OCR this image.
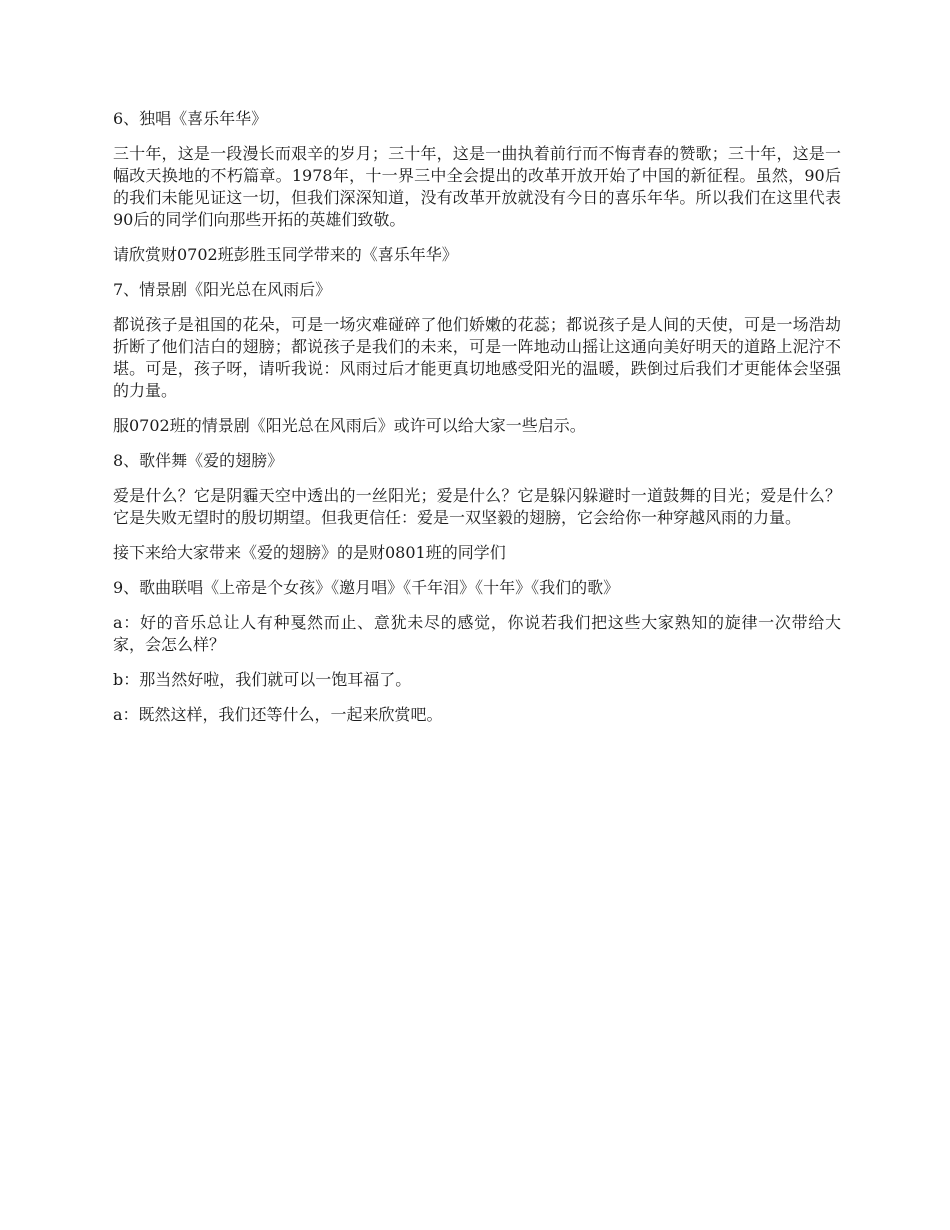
6、独唱《喜乐年华》

三十年，这是一段漫长而艰辛的岁月；三十年，这是一曲执着前行而不悔青春的赞歌；三十年，这是一幅改天换地的不朽篇章。1978年，十一界三中全会提出的改革开放开始了中国的新征程。虽然，90后的我们未能见证这一切，但我们深深知道，没有改革开放就没有今日的喜乐年华。所以我们在这里代表90后的同学们向那些开拓的英雄们致敬。

请欣赏财0702班彭胜玉同学带来的《喜乐年华》

7、情景剧《阳光总在风雨后》

都说孩子是祖国的花朵，可是一场灾难碰碎了他们娇嫩的花蕊；都说孩子是人间的天使，可是一场浩劫折断了他们洁白的翅膀；都说孩子是我们的未来，可是一阵地动山摇让这通向美好明天的道路上泥泞不堪。可是，孩子呀，请听我说：风雨过后才能更真切地感受阳光的温暖，跌倒过后我们才更能体会坚强的力量。

服0702班的情景剧《阳光总在风雨后》或许可以给大家一些启示。

8、歌伴舞《爱的翅膀》

爱是什么？它是阴霾天空中透出的一丝阳光；爱是什么？它是躲闪躲避时一道鼓舞的目光；爱是什么？它是失败无望时的殷切期望。但我更信任：爱是一双坚毅的翅膀，它会给你一种穿越风雨的力量。

接下来给大家带来《爱的翅膀》的是财0801班的同学们

9、歌曲联唱《上帝是个女孩》《邀月唱》《千年泪》《十年》《我们的歌》

a：好的音乐总让人有种戛然而止、意犹未尽的感觉，你说若我们把这些大家熟知的旋律一次带给大家，会怎么样？

b：那当然好啦，我们就可以一饱耳福了。

a：既然这样，我们还等什么，一起来欣赏吧。
